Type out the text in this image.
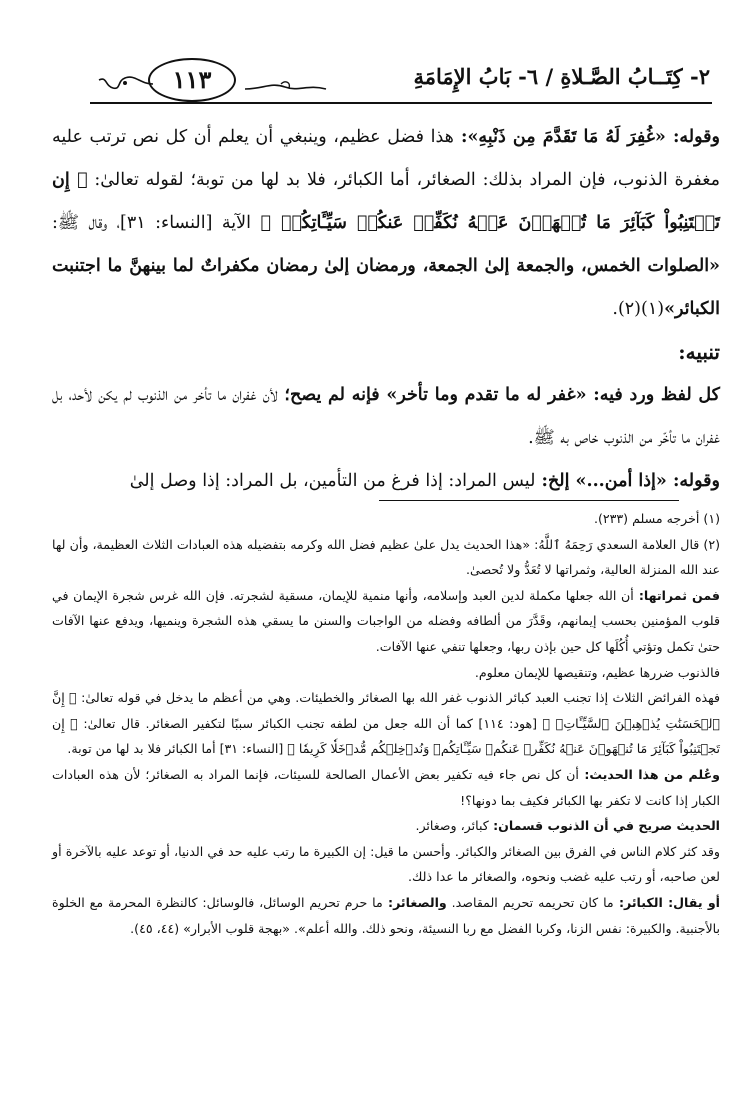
٢- كِتَــابُ الصَّـلاةِ / ٦- بَابُ الإِمَامَةِ
١١٣

وقوله: «غُفِرَ لَهُ مَا تَقَدَّمَ مِن ذَنْبِهِ»: هذا فضل عظيم، وينبغي أن يعلم أن كل نص ترتب عليه مغفرة الذنوب، فإن المراد بذلك: الصغائر، أما الكبائر، فلا بد لها من توبة؛ لقوله تعالىٰ: ﴿ إِن تَجۡتَنِبُواْ كَبَآئِرَ مَا تُنۡهَوۡنَ عَنۡهُ نُكَفِّرۡ عَنكُمۡ سَيِّـَٔاتِكُمۡ ﴾ الآية [النساء: ٣١]، وقال ﷺ: «الصلوات الخمس، والجمعة إلىٰ الجمعة، ورمضان إلىٰ رمضان مكفراتٌ لما بينهنَّ ما اجتنبت الكبائر»(١)(٢).

تنبيه:

كل لفظ ورد فيه: «غفر له ما تقدم وما تأخر» فإنه لم يصح؛ لأن غفران ما تأخر من الذنوب لم يكن لأحد، بل غفران ما تأخّر من الذنوب خاص به ﷺ.

وقوله: «إذا أمن...» إلخ: ليس المراد: إذا فرغ من التأمين، بل المراد: إذا وصل إلىٰ

(١) أخرجه مسلم (٢٣٣).

(٢) قال العلامة السعدي رَحِمَهُ ٱللَّهُ: «هذا الحديث يدل علىٰ عظيم فضل الله وكرمه بتفضيله هذه العبادات الثلاث العظيمة، وأن لها عند الله المنزلة العالية، وثمراتها لا تُعَدُّ ولا تُحصىٰ.

فمن ثمراتها: أن الله جعلها مكملة لدين العبد وإسلامه، وأنها منمية للإيمان، مسقية لشجرته. فإن الله غرس شجرة الإيمان في قلوب المؤمنين بحسب إيمانهم، وقَدَّرَ من ألطافه وفضله من الواجبات والسنن ما يسقي هذه الشجرة وينميها، ويدفع عنها الآفات حتىٰ تكمل وتؤتي أُكُلَها كل حين بإذن ربها، وجعلها تنفي عنها الآفات.

فالذنوب ضررها عظيم، وتنقيصها للإيمان معلوم.

فهذه الفرائض الثلاث إذا تجنب العبد كبائر الذنوب غفر الله بها الصغائر والخطيئات. وهي من أعظم ما يدخل في قوله تعالىٰ: ﴿ إِنَّ ٱلۡحَسَنَٰتِ يُذۡهِبۡنَ ٱلسَّيِّـَٔاتِۚ ﴾ [هود: ١١٤] كما أن الله جعل من لطفه تجنب الكبائر سببًا لتكفير الصغائر. قال تعالىٰ: ﴿ إِن تَجۡتَنِبُواْ كَبَآئِرَ مَا تُنۡهَوۡنَ عَنۡهُ نُكَفِّرۡ عَنكُمۡ سَيِّـَٔاتِكُمۡ وَنُدۡخِلۡكُم مُّدۡخَلٗا كَرِيمٗا ﴾ [النساء: ٣١] أما الكبائر فلا بد لها من توبة.

وعُلم من هذا الحديث: أن كل نص جاء فيه تكفير بعض الأعمال الصالحة للسيئات، فإنما المراد به الصغائر؛ لأن هذه العبادات الكبار إذا كانت لا تكفر بها الكبائر فكيف بما دونها؟!

الحديث صريح في أن الذنوب قسمان: كبائر، وصغائر.

وقد كثر كلام الناس في الفرق بين الصغائر والكبائر. وأحسن ما قيل: إن الكبيرة ما رتب عليه حد في الدنيا، أو توعد عليه بالآخرة أو لعن صاحبه، أو رتب عليه غضب ونحوه، والصغائر ما عدا ذلك.

أو يقال: الكبائر: ما كان تحريمه تحريم المقاصد. والصغائر: ما حرم تحريم الوسائل، فالوسائل: كالنظرة المحرمة مع الخلوة بالأجنبية. والكبيرة: نفس الزنا، وكربا الفضل مع ربا النسيئة، ونحو ذلك. والله أعلم». «بهجة قلوب الأبرار» (٤٤، ٤٥).
